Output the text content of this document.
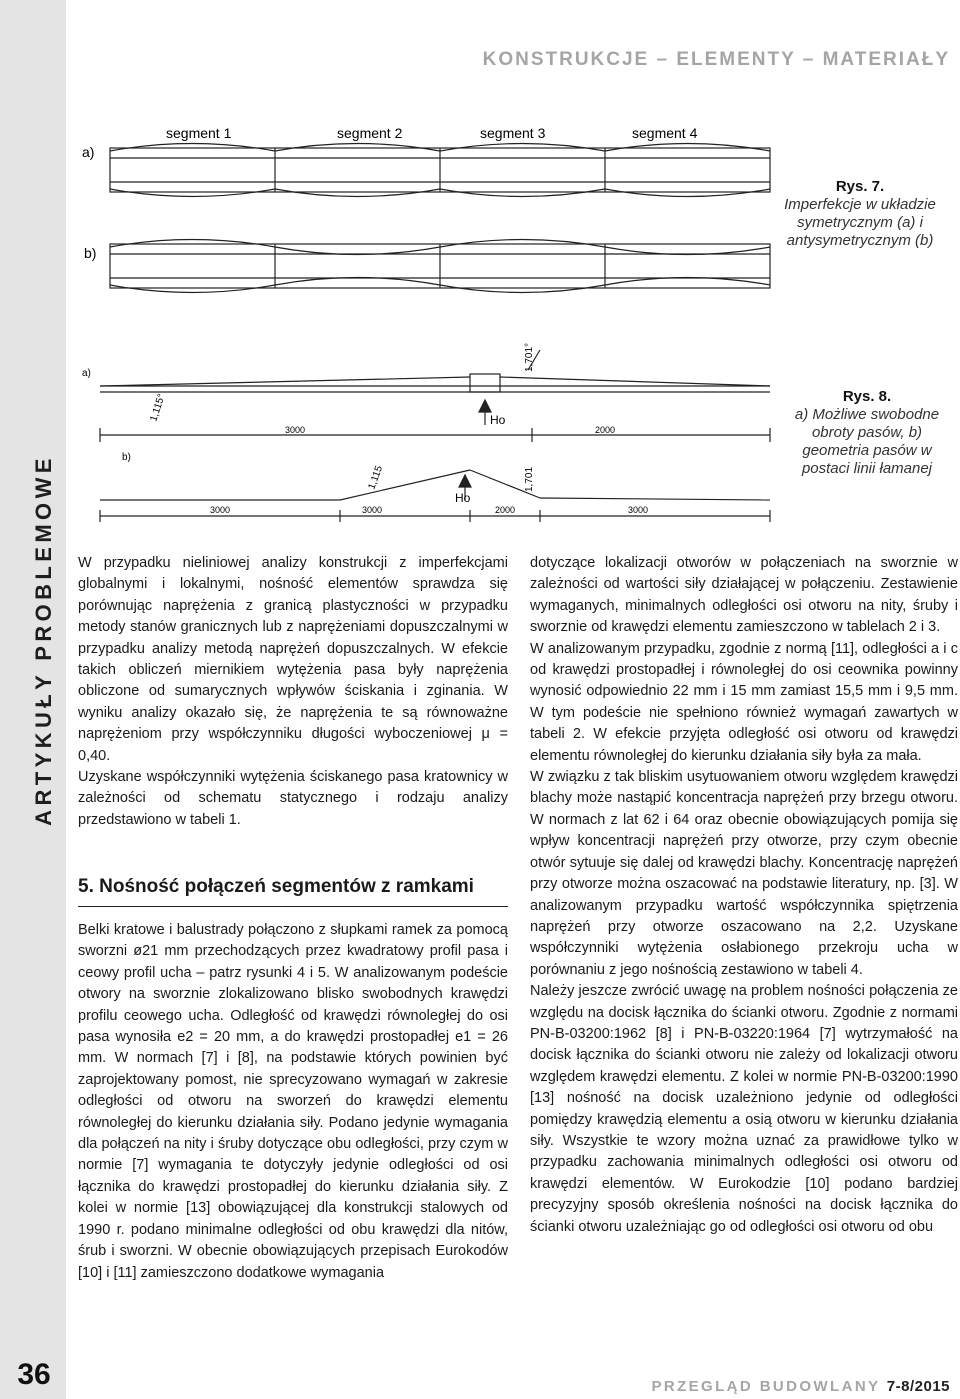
ARTYKUŁY PROBLEMOWE
36
KONSTRUKCJE – ELEMENTY – MATERIAŁY
a)
b)
segment 1	segment 2	segment 3	segment 4
Rys. 7.
Imperfekcje w układzie symetrycznym (a) i antysymetrycznym (b)
a)
b)
1,115°
1,701°
1,115	1,701
Ho
Ho
3000	2000
3000	3000	2000	3000
Rys. 8.
a) Możliwe swobodne obroty pasów, b) geometria pasów w postaci linii łamanej

W przypadku nieliniowej analizy konstrukcji z imperfekcjami globalnymi i lokalnymi, nośność elementów sprawdza się porównując naprężenia z granicą plastyczności w przypadku metody stanów granicznych lub z naprężeniami dopuszczalnymi w przypadku analizy metodą naprężeń dopuszczalnych. W efekcie takich obliczeń miernikiem wytężenia pasa były naprężenia obliczone od sumarycznych wpływów ściskania i zginania. W wyniku analizy okazało się, że naprężenia te są równoważne naprężeniom przy współczynniku długości wyboczeniowej μ = 0,40.

Uzyskane współczynniki wytężenia ściskanego pasa kratownicy w zależności od schematu statycznego i rodzaju analizy przedstawiono w tabeli 1.

5. Nośność połączeń segmentów z ramkami

Belki kratowe i balustrady połączono z słupkami ramek za pomocą sworzni ø21 mm przechodzących przez kwadratowy profil pasa i ceowy profil ucha – patrz rysunki 4 i 5. W analizowanym podeście otwory na sworznie zlokalizowano blisko swobodnych krawędzi profilu ceowego ucha. Odległość od krawędzi równoległej do osi pasa wynosiła e2 = 20 mm, a do krawędzi prostopadłej e1 = 26 mm. W normach [7] i [8], na podstawie których powinien być zaprojektowany pomost, nie sprecyzowano wymagań w zakresie odległości od otworu na sworzeń do krawędzi elementu równoległej do kierunku działania siły. Podano jedynie wymagania dla połączeń na nity i śruby dotyczące obu odległości, przy czym w normie [7] wymagania te dotyczyły jedynie odległości od osi łącznika do krawędzi prostopadłej do kierunku działania siły. Z kolei w normie [13] obowiązującej dla konstrukcji stalowych od 1990 r. podano minimalne odległości od obu krawędzi dla nitów, śrub i sworzni. W obecnie obowiązujących przepisach Eurokodów [10] i [11] zamieszczono dodatkowe wymagania

dotyczące lokalizacji otworów w połączeniach na sworznie w zależności od wartości siły działającej w połączeniu. Zestawienie wymaganych, minimalnych odległości osi otworu na nity, śruby i sworznie od krawędzi elementu zamieszczono w tablelach 2 i 3.

W analizowanym przypadku, zgodnie z normą [11], odległości a i c od krawędzi prostopadłej i równoległej do osi ceownika powinny wynosić odpowiednio 22 mm i 15 mm zamiast 15,5 mm i 9,5 mm. W tym podeście nie spełniono również wymagań zawartych w tabeli 2. W efekcie przyjęta odległość osi otworu od krawędzi elementu równoległej do kierunku działania siły była za mała.

W związku z tak bliskim usytuowaniem otworu względem krawędzi blachy może nastąpić koncentracja naprężeń przy brzegu otworu. W normach z lat 62 i 64 oraz obecnie obowiązujących pomija się wpływ koncentracji naprężeń przy otworze, przy czym obecnie otwór sytuuje się dalej od krawędzi blachy. Koncentrację naprężeń przy otworze można oszacować na podstawie literatury, np. [3]. W analizowanym przypadku wartość współczynnika spiętrzenia naprężeń przy otworze oszacowano na 2,2. Uzyskane współczynniki wytężenia osłabionego przekroju ucha w porównaniu z jego nośnością zestawiono w tabeli 4.

Należy jeszcze zwrócić uwagę na problem nośności połączenia ze względu na docisk łącznika do ścianki otworu. Zgodnie z normami PN-B-03200:1962 [8] i PN-B-03220:1964 [7] wytrzymałość na docisk łącznika do ścianki otworu nie zależy od lokalizacji otworu względem krawędzi elementu. Z kolei w normie PN-B-03200:1990 [13] nośność na docisk uzależniono jedynie od odległości pomiędzy krawędzią elementu a osią otworu w kierunku działania siły. Wszystkie te wzory można uznać za prawidłowe tylko w przypadku zachowania minimalnych odległości osi otworu od krawędzi elementów. W Eurokodzie [10] podano bardziej precyzyjny sposób określenia nośności na docisk łącznika do ścianki otworu uzależniając go od odległości osi otworu od obu

PRZEGLĄD BUDOWLANY 7-8/2015
